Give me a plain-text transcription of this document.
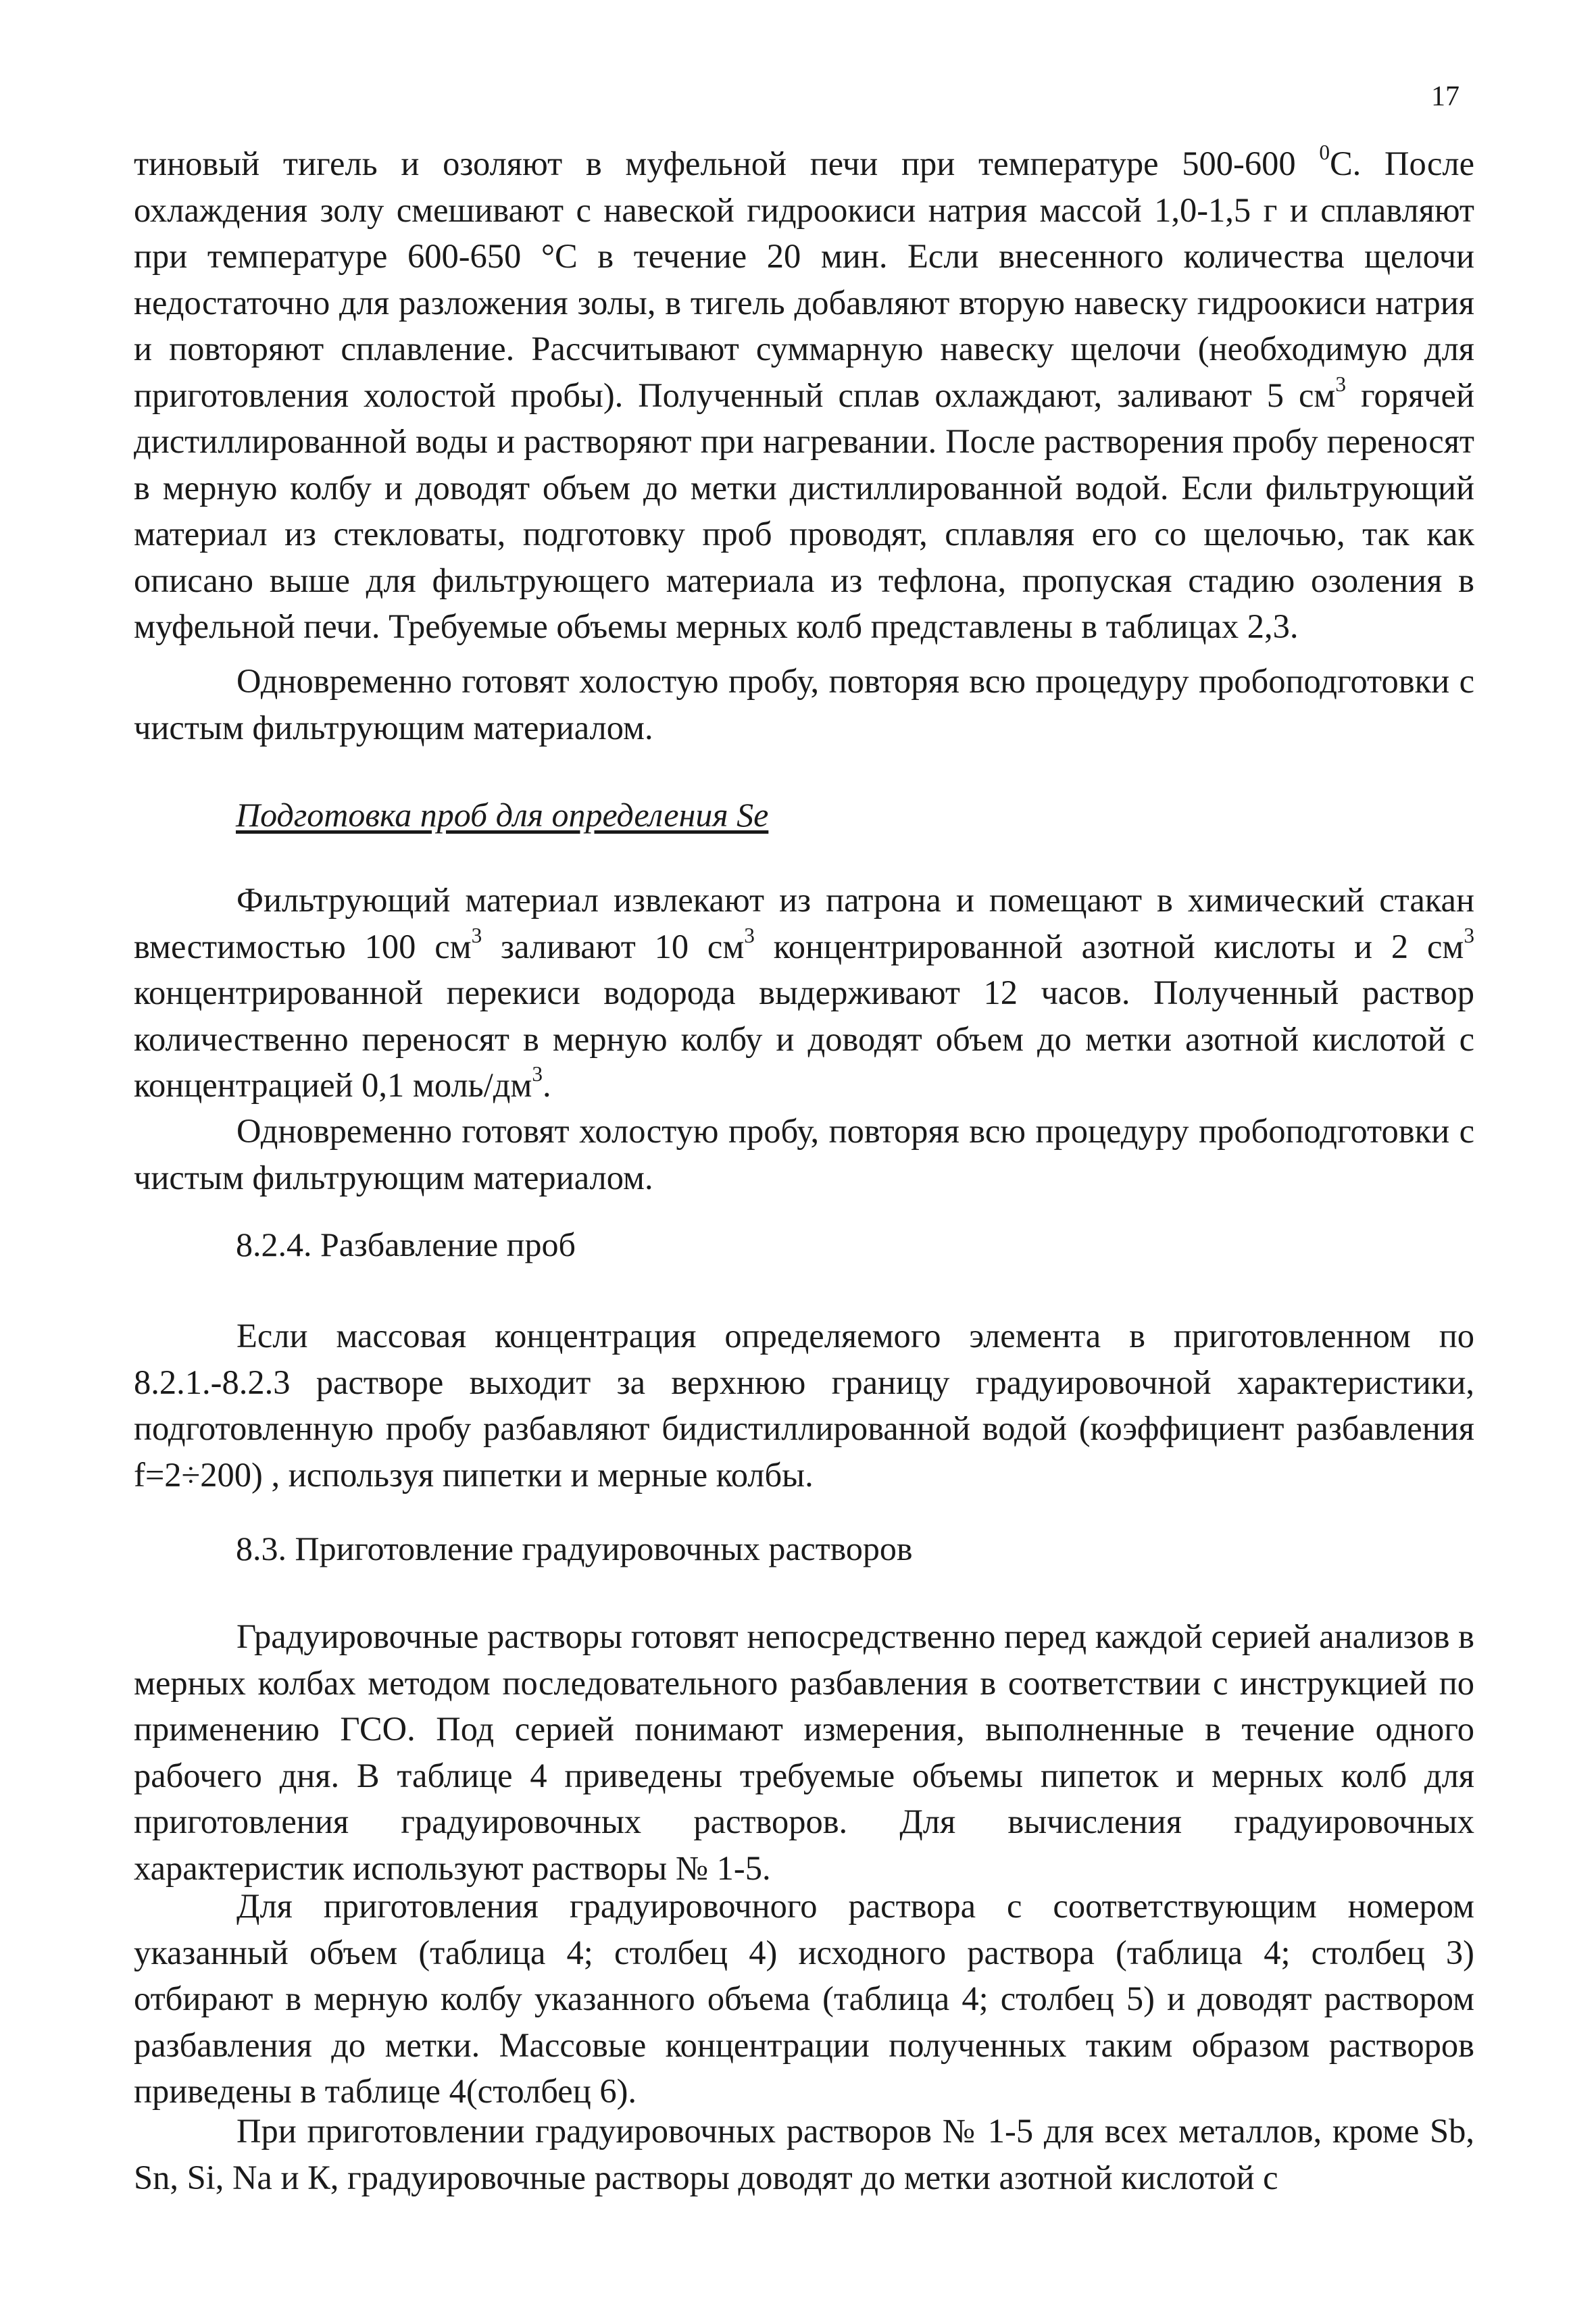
17

тиновый тигель и озоляют в муфельной печи при температуре 500-600 $^0$С. После охлаждения золу смешивают с навеской гидроокиси натрия массой 1,0-1,5 г и сплавляют при температуре 600-650 °С в течение 20 мин. Если внесенного количества щелочи недостаточно для разложения золы, в тигель добавляют вторую навеску гидроокиси натрия и повторяют сплавление. Рассчитывают суммарную навеску щелочи (необходимую для приготовления холостой пробы). Полученный сплав охлаждают, заливают 5 $см^3$ горячей дистиллированной воды и растворяют при нагревании. После растворения пробу переносят в мерную колбу и доводят объем до метки дистиллированной водой. Если фильтрующий материал из стекловаты, подготовку проб проводят, сплавляя его со щелочью, так как описано выше для фильтрующего материала из тефлона, пропуская стадию озоления в муфельной печи. Требуемые объемы мерных колб представлены в таблицах 2,3.

Одновременно готовят холостую пробу, повторяя всю процедуру пробоподготовки с чистым фильтрующим материалом.

Подготовка проб для определения Se

Фильтрующий материал извлекают из патрона и помещают в химический стакан вместимостью 100 $см^3$ заливают 10 $см^3$ концентрированной азотной кислоты и 2 $см^3$ концентрированной перекиси водорода выдерживают 12 часов. Полученный раствор количественно переносят в мерную колбу и доводят объем до метки азотной кислотой с концентрацией 0,1 моль/$дм^3$.

Одновременно готовят холостую пробу, повторяя всю процедуру пробоподготовки с чистым фильтрующим материалом.

8.2.4. Разбавление проб

Если массовая концентрация определяемого элемента в приготовленном по 8.2.1.-8.2.3 растворе выходит за верхнюю границу градуировочной характеристики, подготовленную пробу разбавляют бидистиллированной водой (коэффициент разбавления f=2÷200) , используя пипетки и мерные колбы.

8.3. Приготовление градуировочных растворов

Градуировочные растворы готовят непосредственно перед каждой серией анализов в мерных колбах методом последовательного разбавления в соответствии с инструкцией по применению ГСО. Под серией понимают измерения, выполненные в течение одного рабочего дня. В таблице 4 приведены требуемые объемы пипеток и мерных колб для приготовления градуировочных растворов. Для вычисления градуировочных характеристик используют растворы № 1-5.

Для приготовления градуировочного раствора с соответствующим номером указанный объем (таблица 4; столбец 4) исходного раствора (таблица 4; столбец 3) отбирают в мерную колбу указанного объема (таблица 4; столбец 5) и доводят раствором разбавления до метки. Массовые концентрации полученных таким образом растворов приведены в таблице 4(столбец 6).

При приготовлении градуировочных растворов № 1-5 для всех металлов, кроме Sb, Sn, Si, Na и К, градуировочные растворы доводят до метки азотной кислотой с
